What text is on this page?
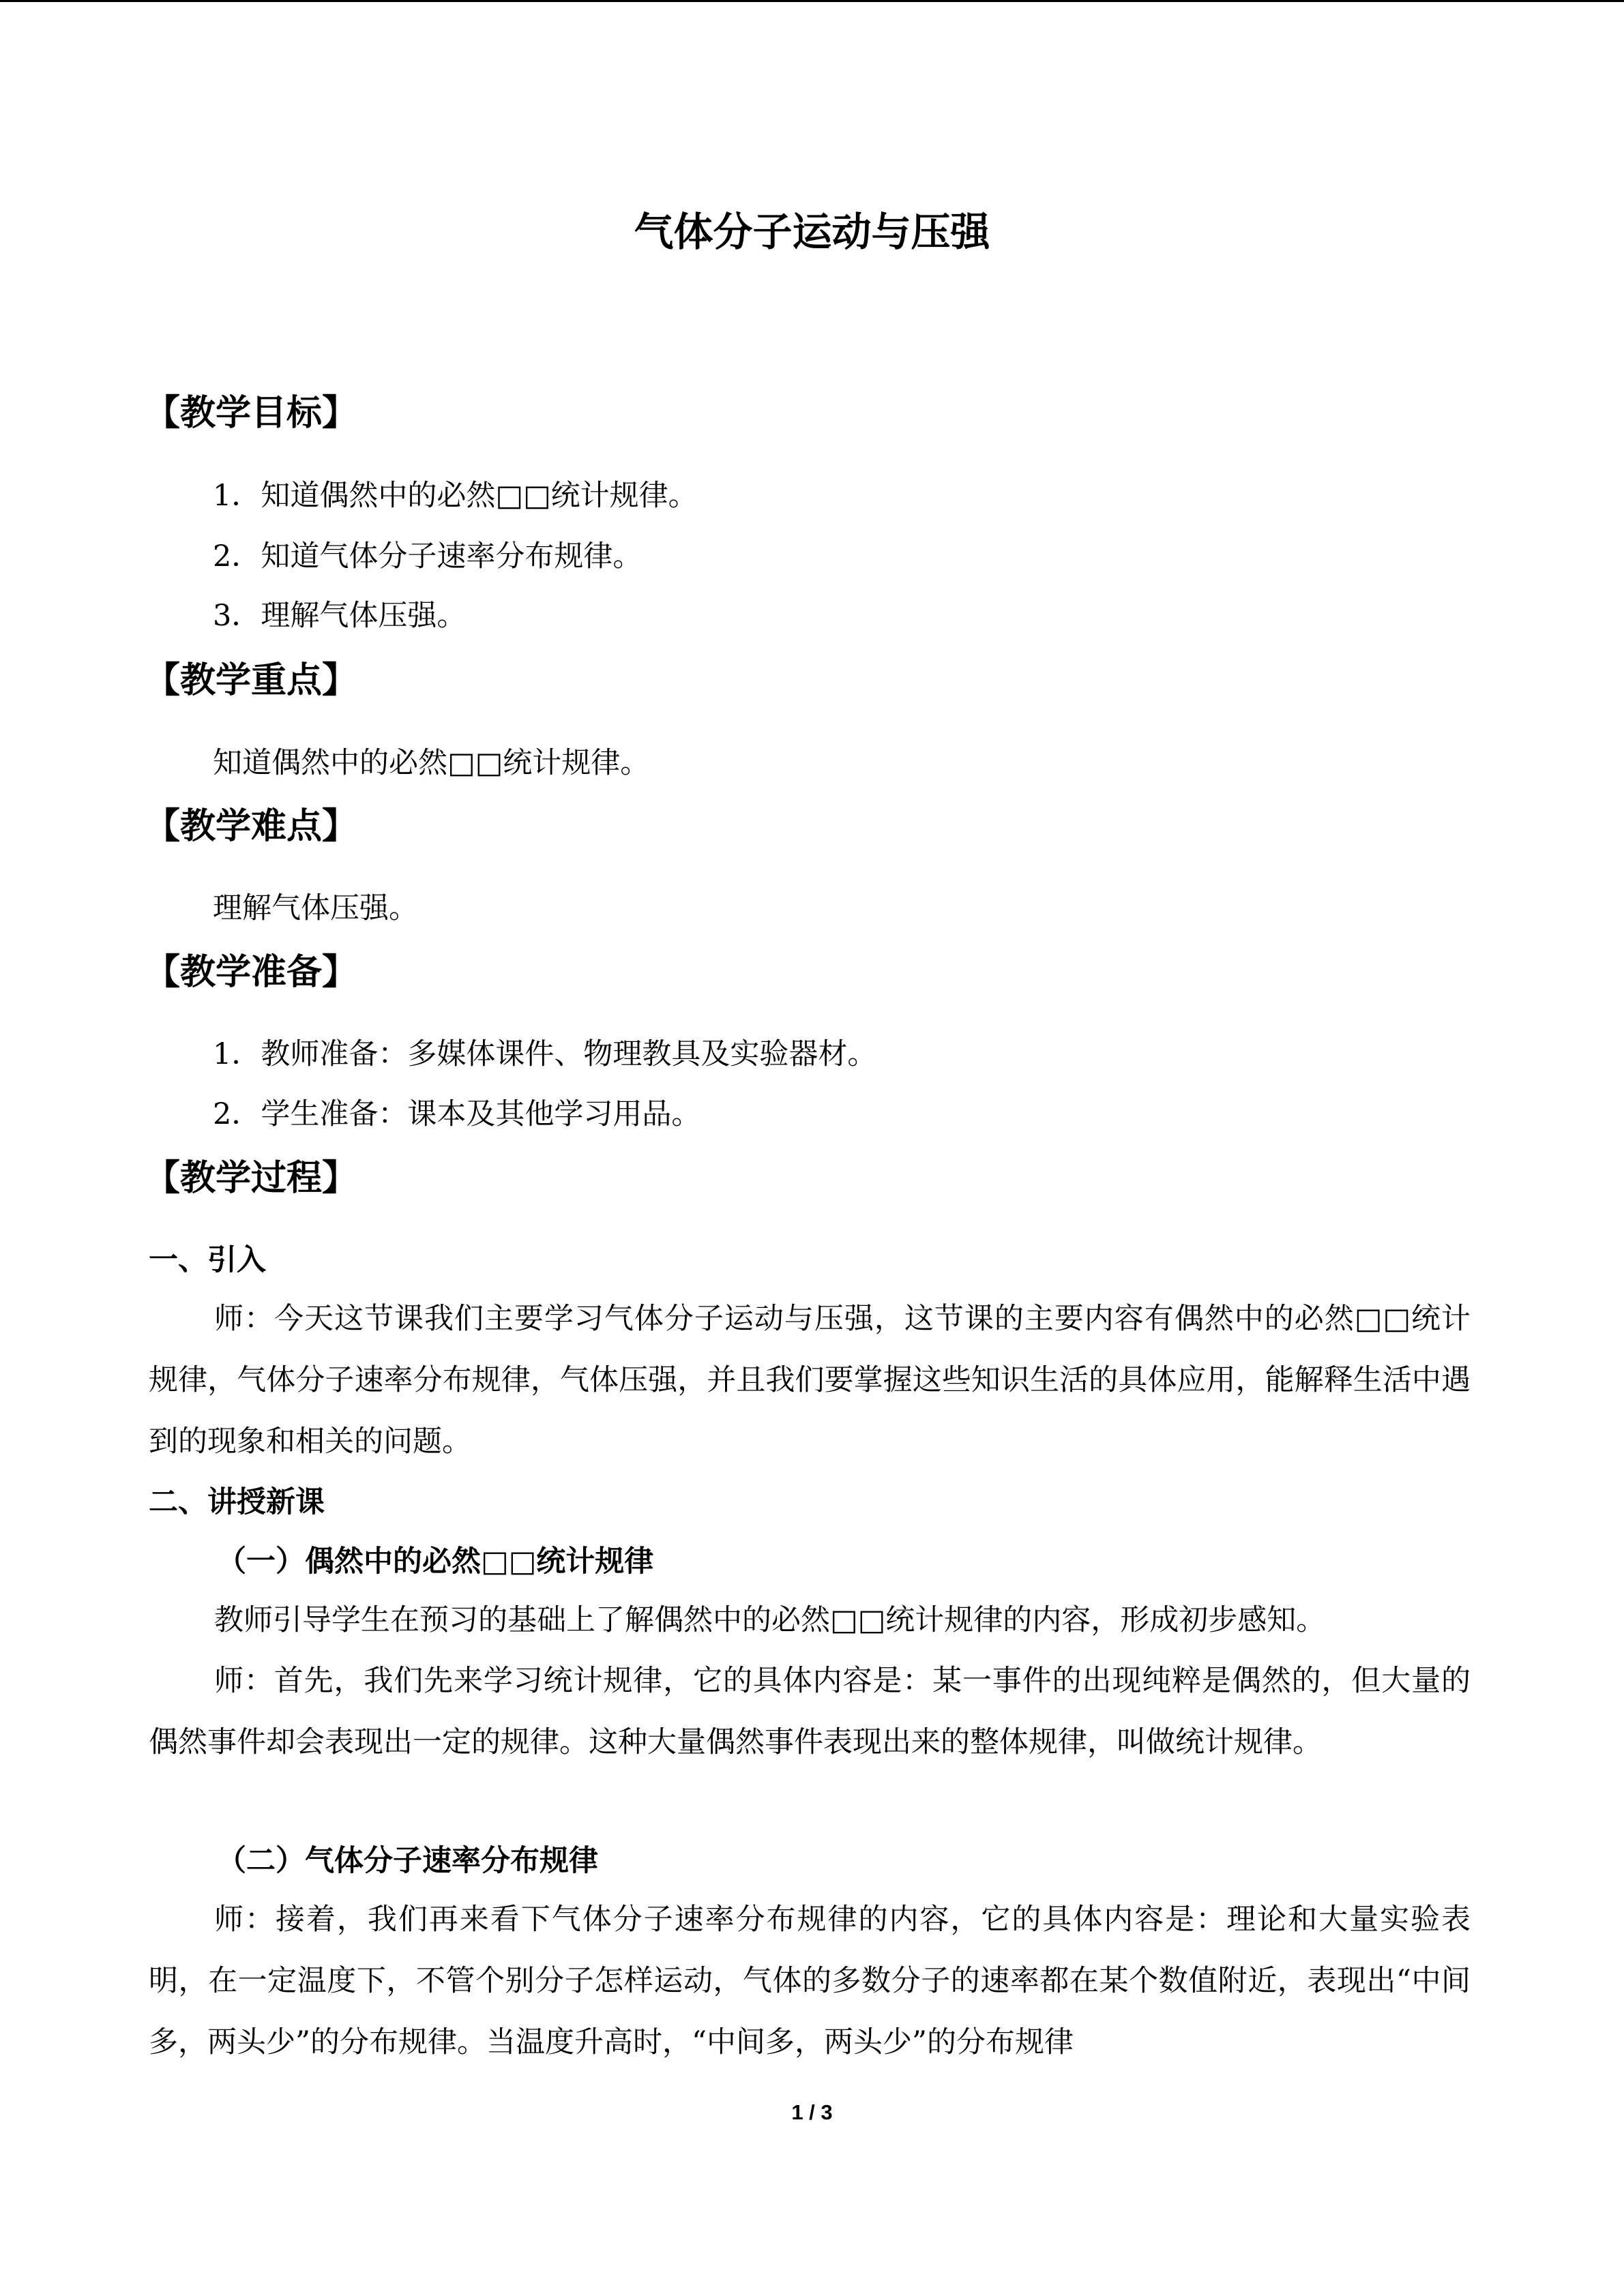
气体分子运动与压强
【教学目标】
1．知道偶然中的必然□□统计规律。
2．知道气体分子速率分布规律。
3．理解气体压强。
【教学重点】
知道偶然中的必然□□统计规律。
【教学难点】
理解气体压强。
【教学准备】
1．教师准备：多媒体课件、物理教具及实验器材。
2．学生准备：课本及其他学习用品。
【教学过程】
一、引入
师：今天这节课我们主要学习气体分子运动与压强，这节课的主要内容有偶然中的必然□□统计规律，气体分子速率分布规律，气体压强，并且我们要掌握这些知识生活的具体应用，能解释生活中遇到的现象和相关的问题。
二、讲授新课
（一）偶然中的必然□□统计规律
教师引导学生在预习的基础上了解偶然中的必然□□统计规律的内容，形成初步感知。
师：首先，我们先来学习统计规律，它的具体内容是：某一事件的出现纯粹是偶然的，但大量的偶然事件却会表现出一定的规律。这种大量偶然事件表现出来的整体规律，叫做统计规律。
（二）气体分子速率分布规律
师：接着，我们再来看下气体分子速率分布规律的内容，它的具体内容是：理论和大量实验表明，在一定温度下，不管个别分子怎样运动，气体的多数分子的速率都在某个数值附近，表现出“中间多，两头少”的分布规律。当温度升高时，“中间多，两头少”的分布规律
1 / 3
